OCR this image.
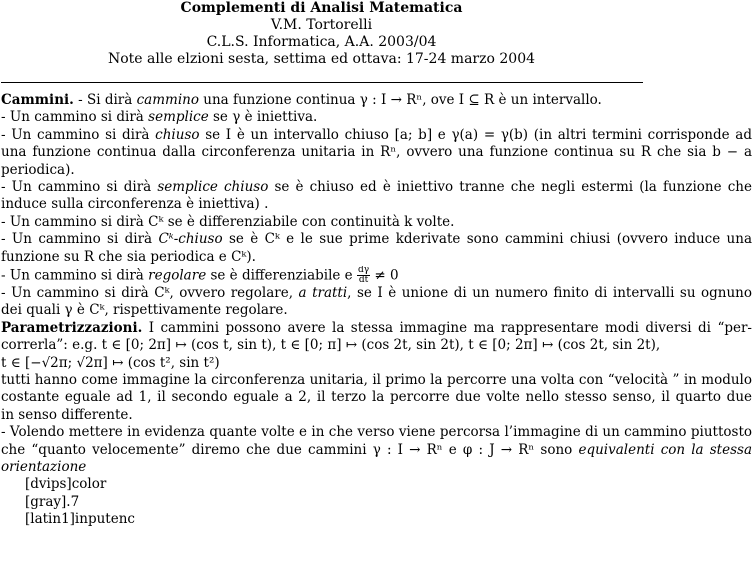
Complementi di Analisi Matematica
V.M. Tortorelli
C.L.S. Informatica, A.A. 2003/04
Note alle elzioni sesta, settima ed ottava: 17-24 marzo 2004
Cammini. - Si dirà cammino una funzione continua γ : I → Rⁿ, ove I ⊆ R è un intervallo.
- Un cammino si dirà semplice se γ è iniettiva.
- Un cammino si dirà chiuso se I è un intervallo chiuso [a; b] e γ(a) = γ(b) (in altri termini corrisponde ad
una funzione continua dalla circonferenza unitaria in Rⁿ, ovvero una funzione continua su R che sia b − a
periodica).
- Un cammino si dirà semplice chiuso se è chiuso ed è iniettivo tranne che negli estermi (la funzione che
induce sulla circonferenza è iniettiva) .
- Un cammino si dirà Cᵏ se è differenziabile con continuità k volte.
- Un cammino si dirà Cᵏ-chiuso se è Cᵏ e le sue prime kderivate sono cammini chiusi (ovvero induce una
funzione su R che sia periodica e Cᵏ).
- Un cammino si dirà regolare se è differenziabile e $\frac{d\gamma}{dt} \ne 0$
- Un cammino si dirà Cᵏ, ovvero regolare, a tratti, se I è unione di un numero finito di intervalli su ognuno
dei quali γ è Cᵏ, rispettivamente regolare.
Parametrizzazioni. I cammini possono avere la stessa immagine ma rappresentare modi diversi di “per-
correrla”: e.g. t ∈ [0; 2π] ↦ (cos t, sin t), t ∈ [0; π] ↦ (cos 2t, sin 2t), t ∈ [0; 2π] ↦ (cos 2t, sin 2t),
t ∈ [−√2π; √2π] ↦ (cos t², sin t²)
tutti hanno come immagine la circonferenza unitaria, il primo la percorre una volta con “velocità ” in modulo
costante eguale ad 1, il secondo eguale a 2, il terzo la percorre due volte nello stesso senso, il quarto due
in senso differente.
- Volendo mettere in evidenza quante volte e in che verso viene percorsa l’immagine di un cammino piuttosto
che “quanto velocemente” diremo che due cammini γ : I → Rⁿ e φ : J → Rⁿ sono equivalenti con la stessa
orientazione
[dvips]color
[gray].7
[latin1]inputenc
